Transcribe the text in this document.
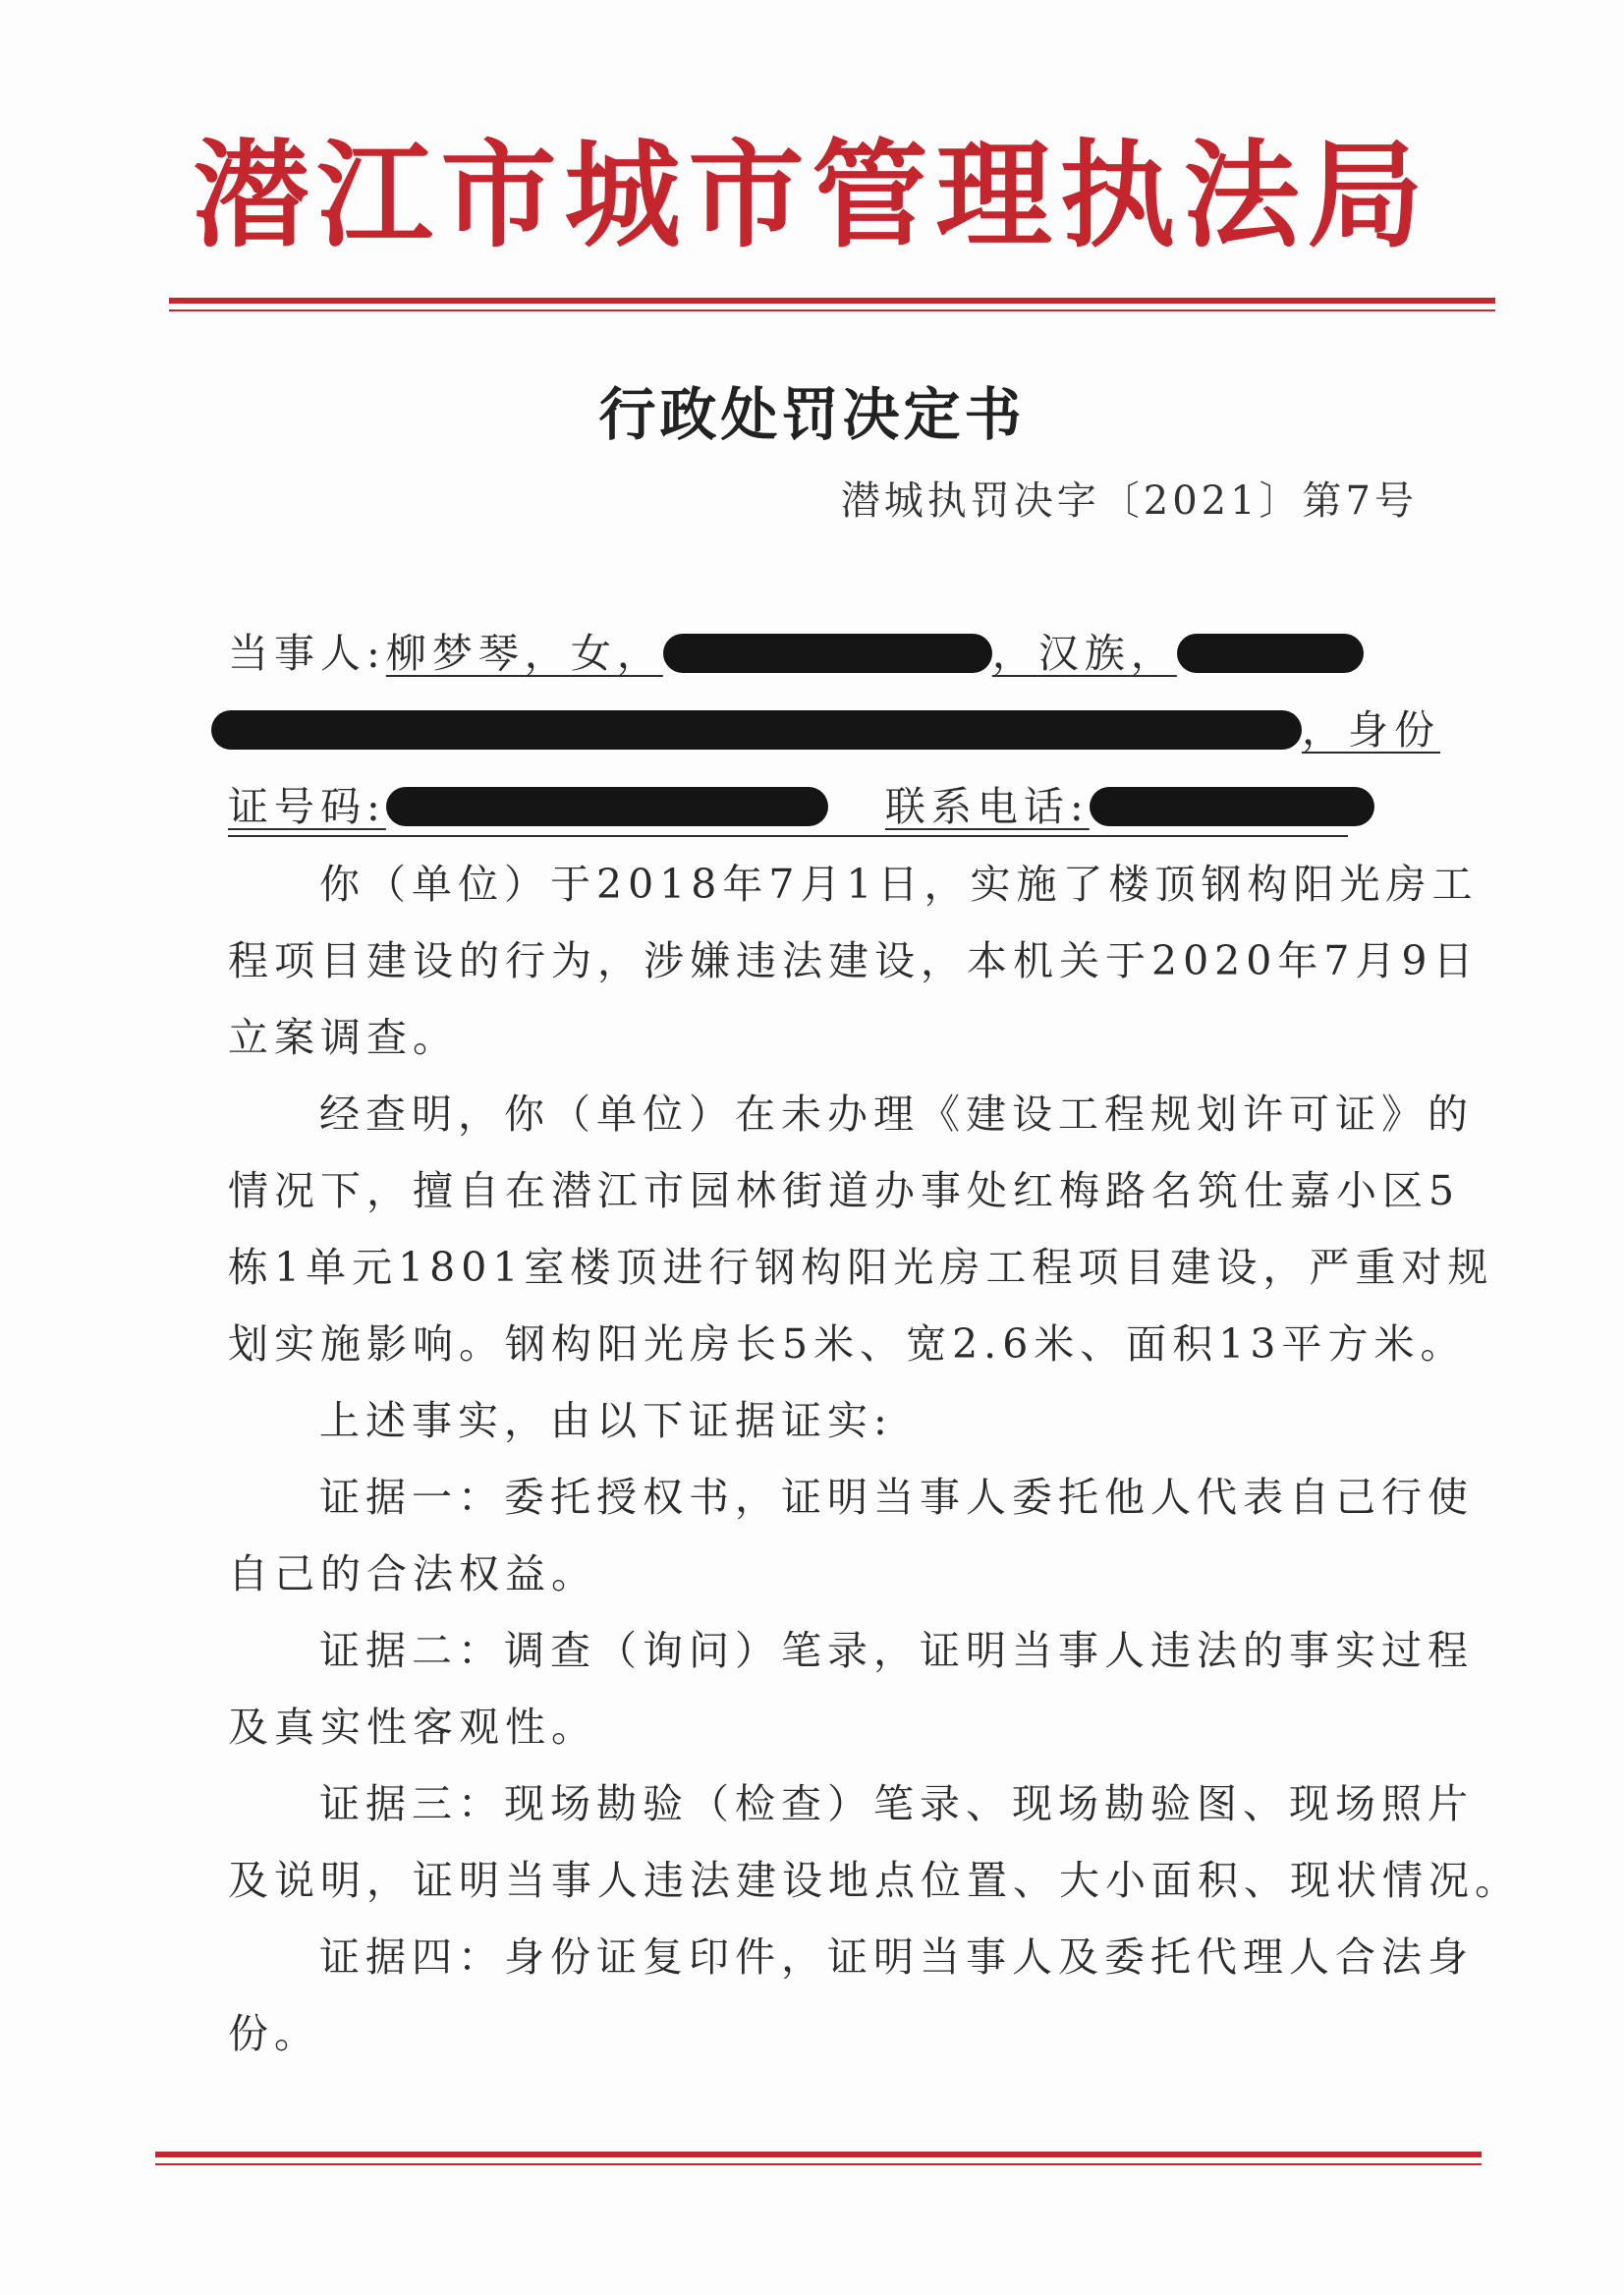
潜江市城市管理执法局
行政处罚决定书
潜城执罚决字〔2021〕第7号
当事人:柳梦琴，女，	，汉族，
，身份
证号码:	联系电话:
你（单位）于2018年7月1日，实施了楼顶钢构阳光房工
程项目建设的行为，涉嫌违法建设，本机关于2020年7月9日
立案调查。
经查明，你（单位）在未办理《建设工程规划许可证》的
情况下，擅自在潜江市园林街道办事处红梅路名筑仕嘉小区5
栋1单元1801室楼顶进行钢构阳光房工程项目建设，严重对规
划实施影响。钢构阳光房长5米、宽2.6米、面积13平方米。
上述事实，由以下证据证实:
证据一：委托授权书，证明当事人委托他人代表自己行使
自己的合法权益。
证据二：调查（询问）笔录，证明当事人违法的事实过程
及真实性客观性。
证据三：现场勘验（检查）笔录、现场勘验图、现场照片
及说明，证明当事人违法建设地点位置、大小面积、现状情况。
证据四：身份证复印件，证明当事人及委托代理人合法身
份。
